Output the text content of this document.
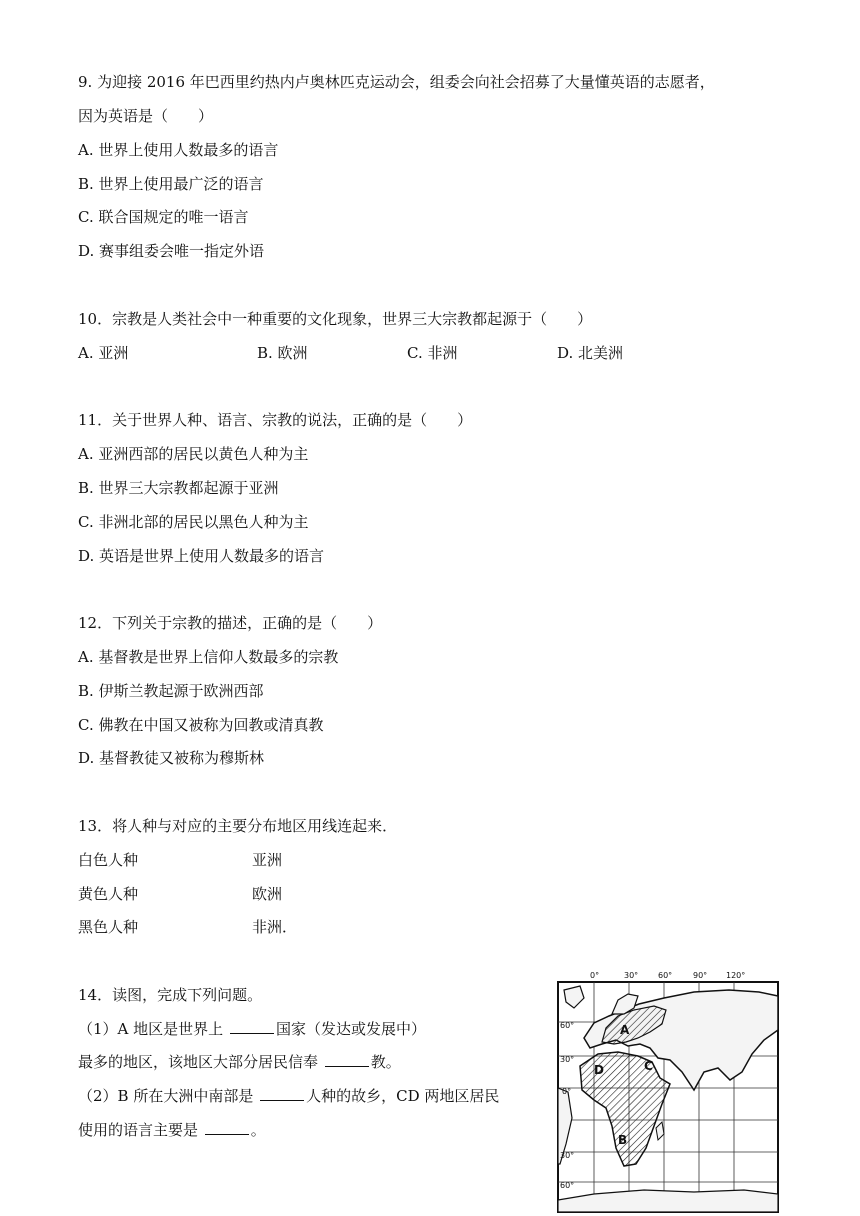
9. 为迎接 2016 年巴西里约热内卢奥林匹克运动会，组委会向社会招募了大量懂英语的志愿者，
因为英语是（　　）
A. 世界上使用人数最多的语言
B. 世界上使用最广泛的语言
C. 联合国规定的唯一语言
D. 赛事组委会唯一指定外语
10．宗教是人类社会中一种重要的文化现象，世界三大宗教都起源于（　　）
A. 亚洲	B. 欧洲	C. 非洲	D. 北美洲
11．关于世界人种、语言、宗教的说法，正确的是（　　）
A. 亚洲西部的居民以黄色人种为主
B. 世界三大宗教都起源于亚洲
C. 非洲北部的居民以黑色人种为主
D. 英语是世界上使用人数最多的语言
12．下列关于宗教的描述，正确的是（　　）
A. 基督教是世界上信仰人数最多的宗教
B. 伊斯兰教起源于欧洲西部
C. 佛教在中国又被称为回教或清真教
D. 基督教徒又被称为穆斯林
13．将人种与对应的主要分布地区用线连起来．
白色人种	亚洲
黄色人种	欧洲
黑色人种	非洲．
14．读图，完成下列问题。
（1）A 地区是世界上	国家（发达或发展中）
最多的地区，该地区大部分居民信奉	教。
（2）B 所在大洲中南部是	人种的故乡，CD 两地区居民
使用的语言主要是	。
0°	30° 60°	90° 120°
60°
30°
0°
30°
60°
A
B
C
D
